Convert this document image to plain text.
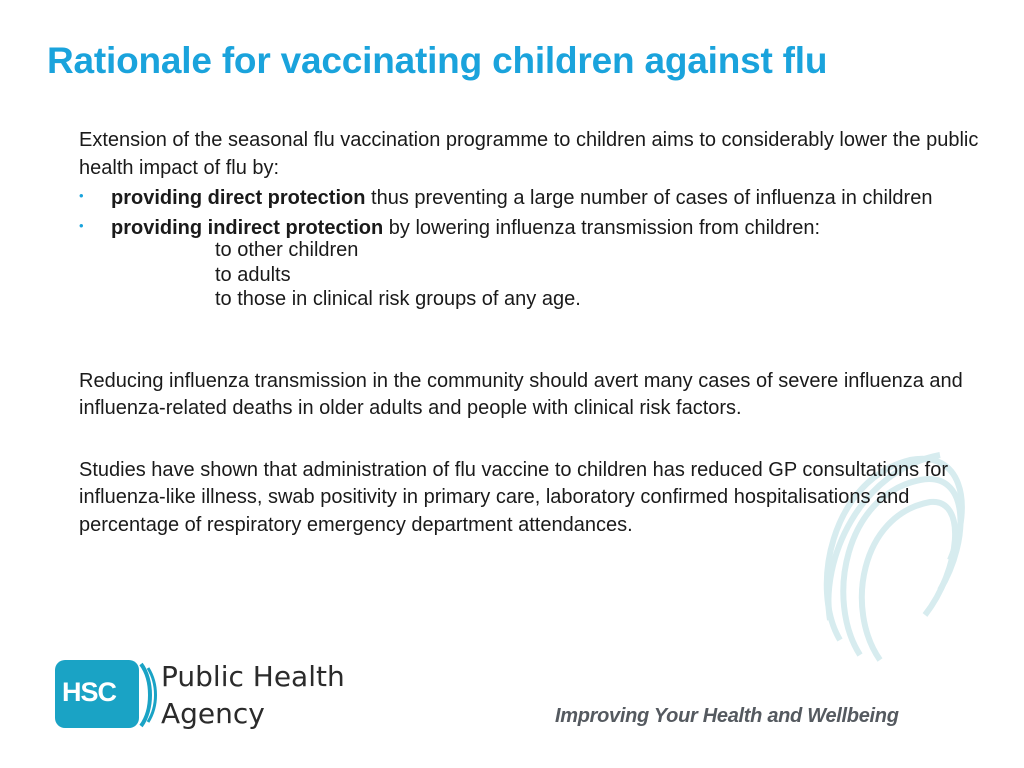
Rationale for vaccinating children against flu
Extension of the seasonal flu vaccination programme to children aims to considerably lower the public health impact of flu by:
• providing direct protection thus preventing a large number of cases of influenza in children
• providing indirect protection by lowering influenza transmission from children:
to other children
to adults
to those in clinical risk groups of any age.
Reducing influenza transmission in the community should avert many cases of severe influenza and influenza-related deaths in older adults and people with clinical risk factors.
Studies have shown that administration of flu vaccine to children has reduced GP consultations for influenza-like illness, swab positivity in primary care, laboratory confirmed hospitalisations and percentage of respiratory emergency department attendances.
HSC Public Health
Agency	Improving Your Health and Wellbeing
